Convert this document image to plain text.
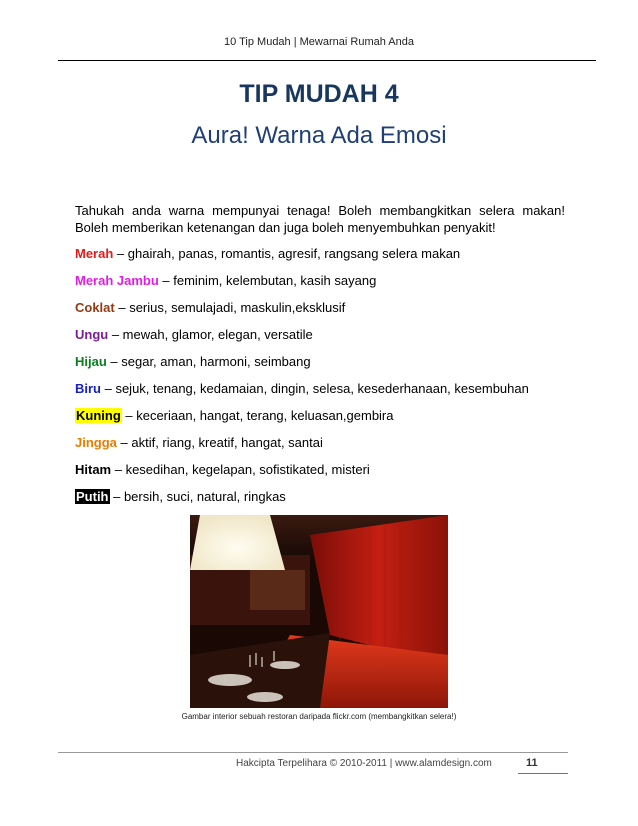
10 Tip Mudah | Mewarnai Rumah Anda
TIP MUDAH 4
Aura! Warna Ada Emosi
Tahukah anda warna mempunyai tenaga! Boleh membangkitkan selera makan! Boleh memberikan ketenangan dan juga boleh menyembuhkan penyakit!
Merah – ghairah, panas, romantis, agresif, rangsang selera makan
Merah Jambu – feminim, kelembutan, kasih sayang
Coklat – serius, semulajadi, maskulin,eksklusif
Ungu – mewah, glamor, elegan, versatile
Hijau – segar, aman, harmoni, seimbang
Biru – sejuk, tenang, kedamaian, dingin, selesa, kesederhanaan, kesembuhan
Kuning – keceriaan, hangat, terang, keluasan,gembira
Jingga – aktif, riang, kreatif, hangat, santai
Hitam – kesedihan, kegelapan, sofistikated, misteri
Putih – bersih, suci, natural, ringkas
Gambar interior sebuah restoran daripada flickr.com (membangkitkan selera!)
Hakcipta Terpelihara © 2010-2011 | www.alamdesign.com	11
